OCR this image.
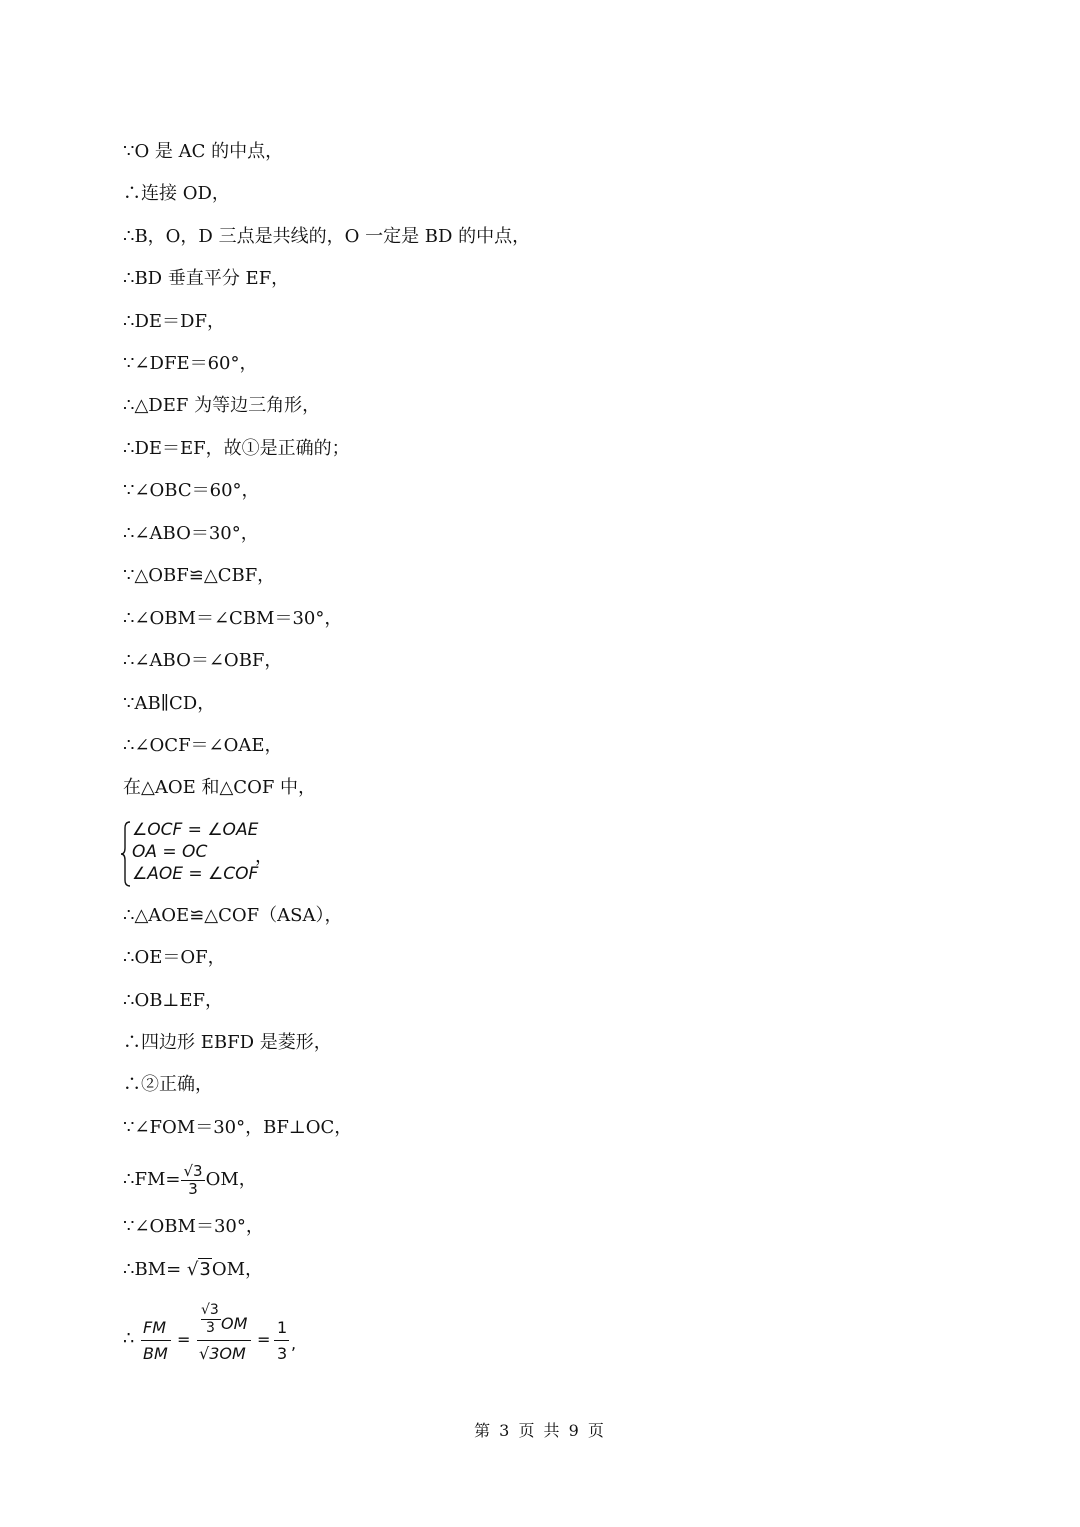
∵O 是 AC 的中点，
∴连接 OD，
∴B，O，D 三点是共线的，O 一定是 BD 的中点，
∴BD 垂直平分 EF，
∴DE＝DF，
∵∠DFE＝60°，
∴△DEF 为等边三角形，
∴DE＝EF，故①是正确的；
∵∠OBC＝60°，
∴∠ABO＝30°，
∵△OBF≌△CBF，
∴∠OBM＝∠CBM＝30°，
∴∠ABO＝∠OBF，
∵AB∥CD，
∴∠OCF＝∠OAE，
在△AOE 和△COF 中，
∠OCF = ∠OAE
OA = OC
∠AOE = ∠COF
，
∴△AOE≌△COF（ASA），
∴OE＝OF，
∴OB⊥EF，
∴四边形 EBFD 是菱形，
∴②正确，
∵∠FOM＝30°，BF⊥OC，
∴FM= $\frac{√3}{3}$ OM，
∵∠OBM＝30°，
∴BM= √3OM，
∴
FM
BM
=
√3
3 OM
√3OM
=
1
3
,
第 3 页 共 9 页
